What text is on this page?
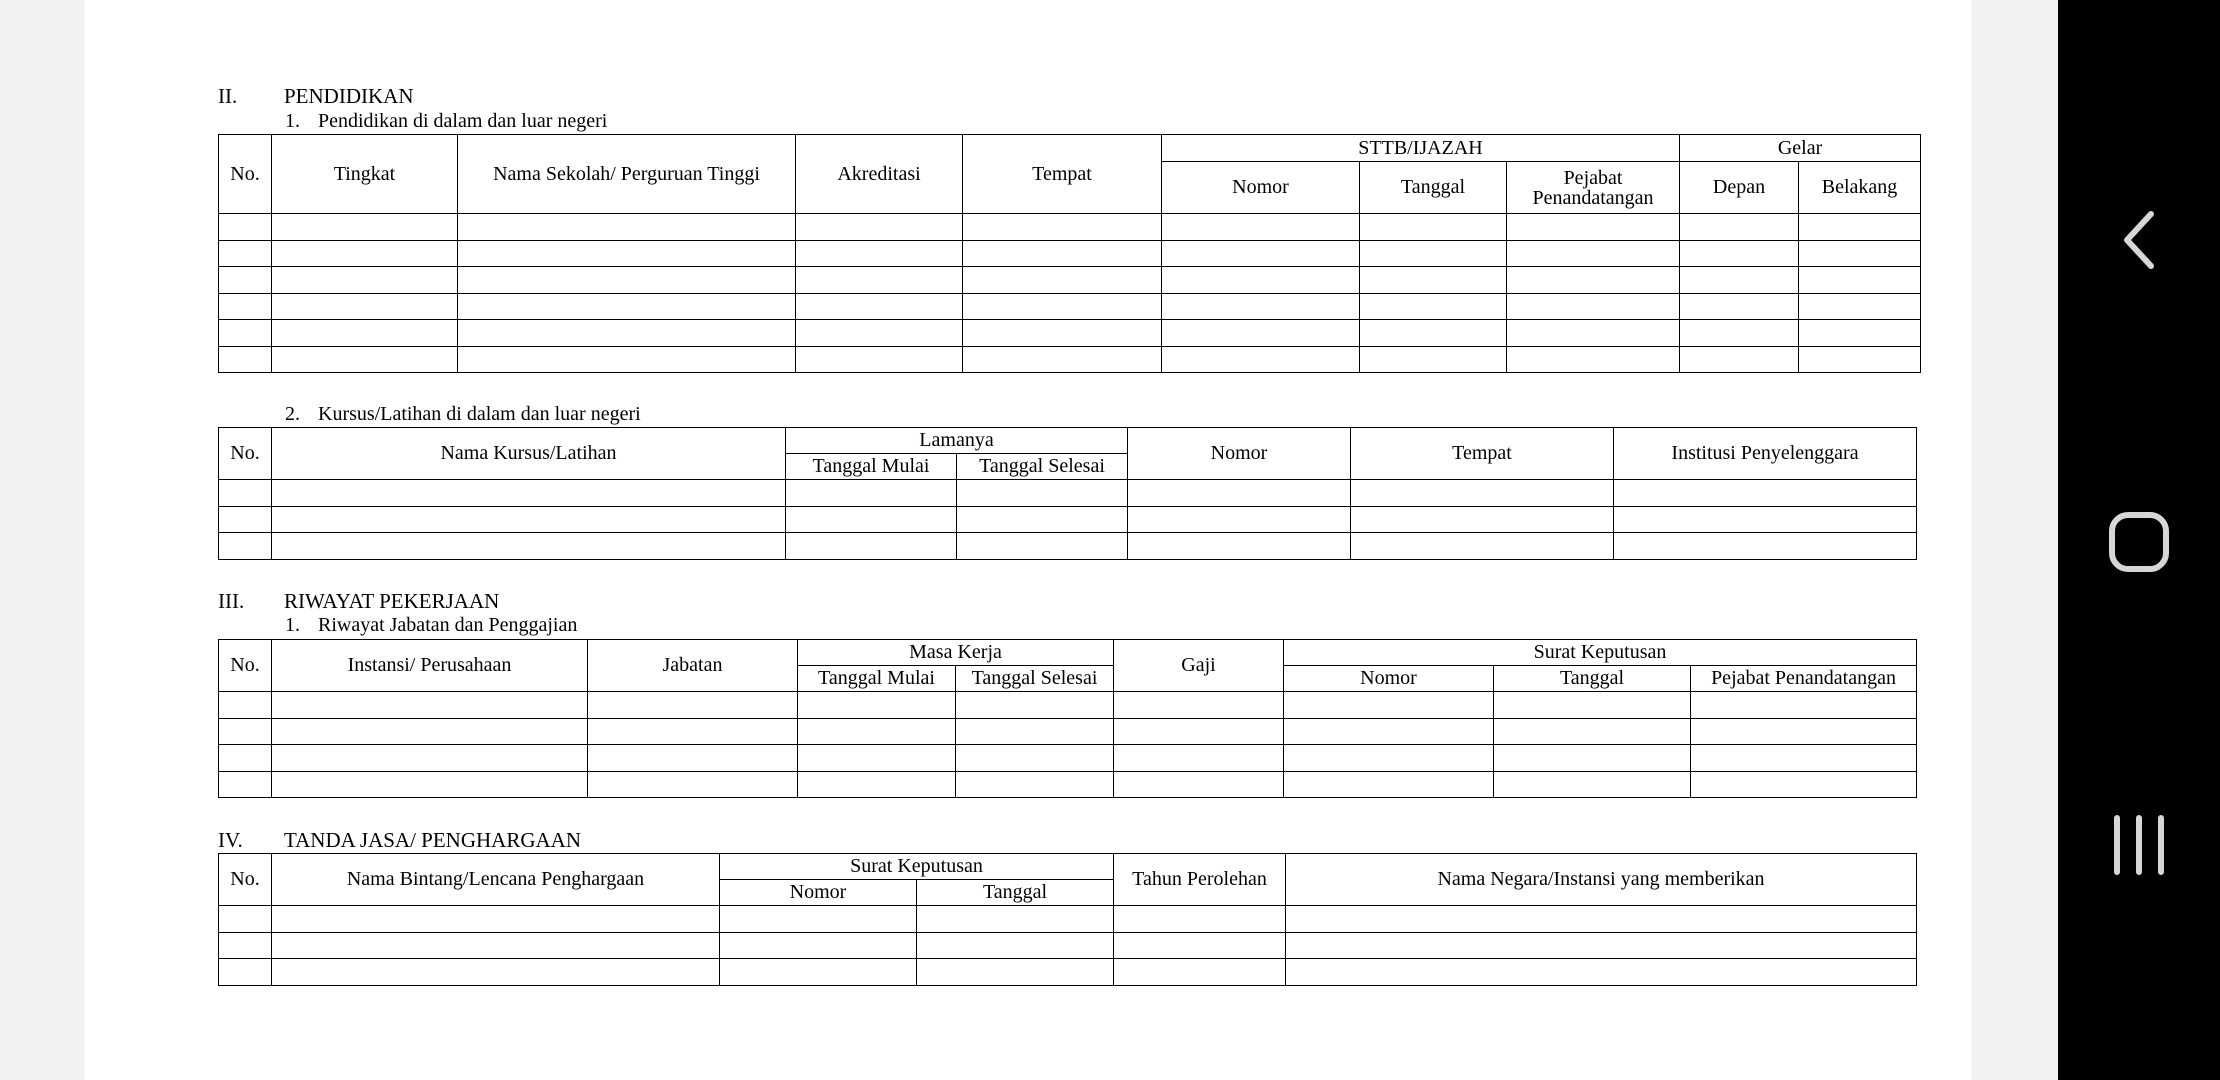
II. PENDIDIKAN
1. Pendidikan di dalam dan luar negeri
No.	Tingkat	Nama Sekolah/ Perguruan Tinggi	Akreditasi	Tempat	STTB/IJAZAH			Gelar	
					Nomor	Tanggal	Pejabat Penandatangan	Depan	Belakang

2. Kursus/Latihan di dalam dan luar negeri
No.	Nama Kursus/Latihan	Lamanya		Nomor	Tempat	Institusi Penyelenggara
		Tanggal Mulai	Tanggal Selesai			

III. RIWAYAT PEKERJAAN
1. Riwayat Jabatan dan Penggajian
No.	Instansi/ Perusahaan	Jabatan	Masa Kerja		Gaji	Surat Keputusan		
			Tanggal Mulai	Tanggal Selesai		Nomor	Tanggal	Pejabat Penandatangan

IV. TANDA JASA/ PENGHARGAAN
No.	Nama Bintang/Lencana Penghargaan	Surat Keputusan		Tahun Perolehan	Nama Negara/Instansi yang memberikan
		Nomor	Tanggal		
